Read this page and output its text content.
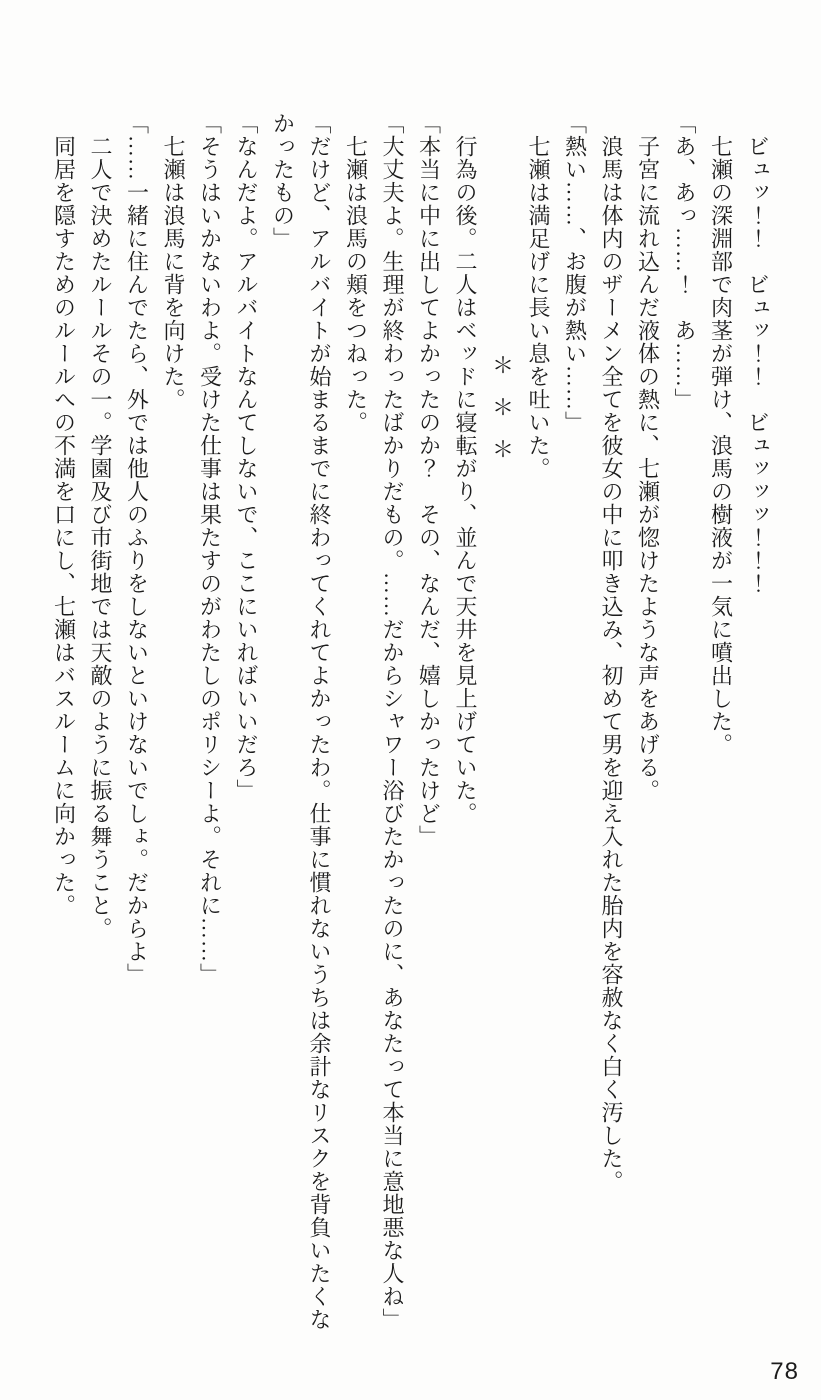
　ビュッ！！　ビュッ！！　ビュッッッ！！！

　七瀬の深淵部で肉茎が弾け、浪馬の樹液が一気に噴出した。

「あ、あっ……！　あ……」

　子宮に流れ込んだ液体の熱に、七瀬が惚けたような声をあげる。

　浪馬は体内のザーメン全てを彼女の中に叩き込み、初めて男を迎え入れた胎内を容赦なく白く汚した。

「熱い……、お腹が熱い……」

　七瀬は満足げに長い息を吐いた。

＊＊＊

　行為の後。二人はベッドに寝転がり、並んで天井を見上げていた。

「本当に中に出してよかったのか？　その、なんだ、嬉しかったけど」

「大丈夫よ。生理が終わったばかりだもの。……だからシャワー浴びたかったのに、あなたって本当に意地悪な人ね」

　七瀬は浪馬の頬をつねった。

「だけど、アルバイトが始まるまでに終わってくれてよかったわ。仕事に慣れないうちは余計なリスクを背負いたくな

かったもの」

「なんだよ。アルバイトなんてしないで、ここにいればいいだろ」

「そうはいかないわよ。受けた仕事は果たすのがわたしのポリシーよ。それに……」

　七瀬は浪馬に背を向けた。

「……一緒に住んでたら、外では他人のふりをしないといけないでしょ。だからよ」

　二人で決めたルールその一。学園及び市街地では天敵のように振る舞うこと。

　同居を隠すためのルールへの不満を口にし、七瀬はバスルームに向かった。

78
